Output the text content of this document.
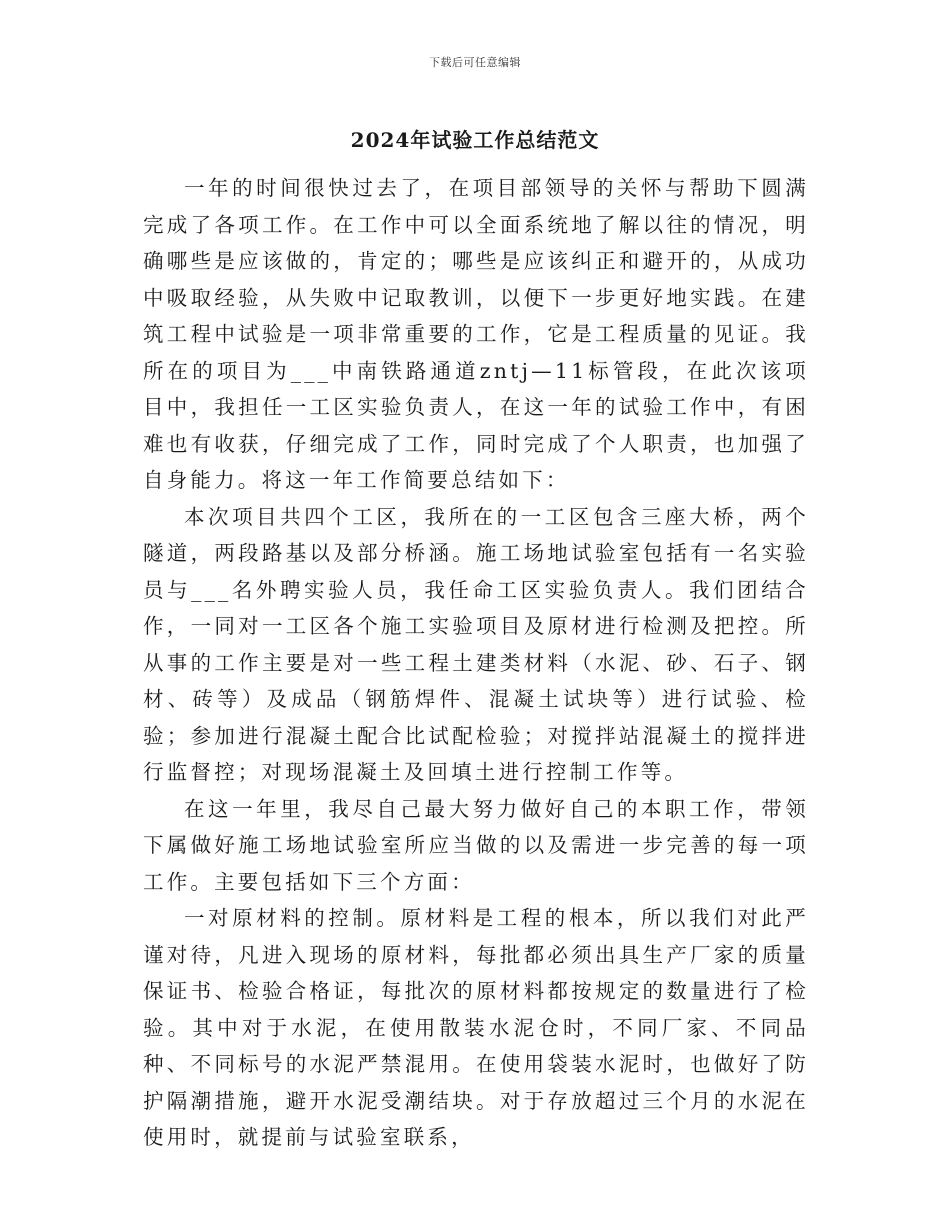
下载后可任意编辑
2024年试验工作总结范文

一年的时间很快过去了，在项目部领导的关怀与帮助下圆满完成了各项工作。在工作中可以全面系统地了解以往的情况，明确哪些是应该做的，肯定的；哪些是应该纠正和避开的，从成功中吸取经验，从失败中记取教训，以便下一步更好地实践。在建筑工程中试验是一项非常重要的工作，它是工程质量的见证。我所在的项目为___中南铁路通道zntj—11标管段，在此次该项目中，我担任一工区实验负责人，在这一年的试验工作中，有困难也有收获，仔细完成了工作，同时完成了个人职责，也加强了自身能力。将这一年工作简要总结如下：

本次项目共四个工区，我所在的一工区包含三座大桥，两个隧道，两段路基以及部分桥涵。施工场地试验室包括有一名实验员与___名外聘实验人员，我任命工区实验负责人。我们团结合作，一同对一工区各个施工实验项目及原材进行检测及把控。所从事的工作主要是对一些工程土建类材料（水泥、砂、石子、钢材、砖等）及成品（钢筋焊件、混凝土试块等）进行试验、检验；参加进行混凝土配合比试配检验；对搅拌站混凝土的搅拌进行监督控；对现场混凝土及回填土进行控制工作等。

在这一年里，我尽自己最大努力做好自己的本职工作，带领下属做好施工场地试验室所应当做的以及需进一步完善的每一项工作。主要包括如下三个方面：

一对原材料的控制。原材料是工程的根本，所以我们对此严谨对待，凡进入现场的原材料，每批都必须出具生产厂家的质量保证书、检验合格证，每批次的原材料都按规定的数量进行了检验。其中对于水泥，在使用散装水泥仓时，不同厂家、不同品种、不同标号的水泥严禁混用。在使用袋装水泥时，也做好了防护隔潮措施，避开水泥受潮结块。对于存放超过三个月的水泥在使用时，就提前与试验室联系，
